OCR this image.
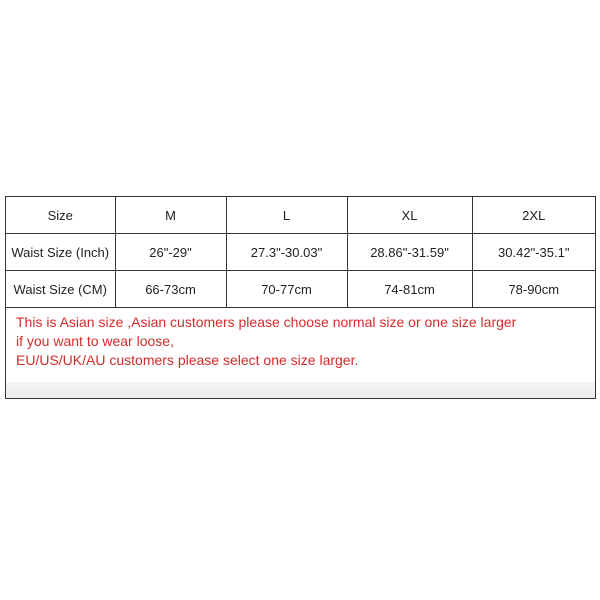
Size	M	L	XL	2XL
Waist Size (Inch)	26"-29"	27.3"-30.03"	28.86"-31.59"	30.42"-35.1"
Waist Size (CM)	66-73cm	70-77cm	74-81cm	78-90cm
This is Asian size ,Asian customers please choose normal size or one size larger
if you want to wear loose,
EU/US/UK/AU customers please select one size larger.
